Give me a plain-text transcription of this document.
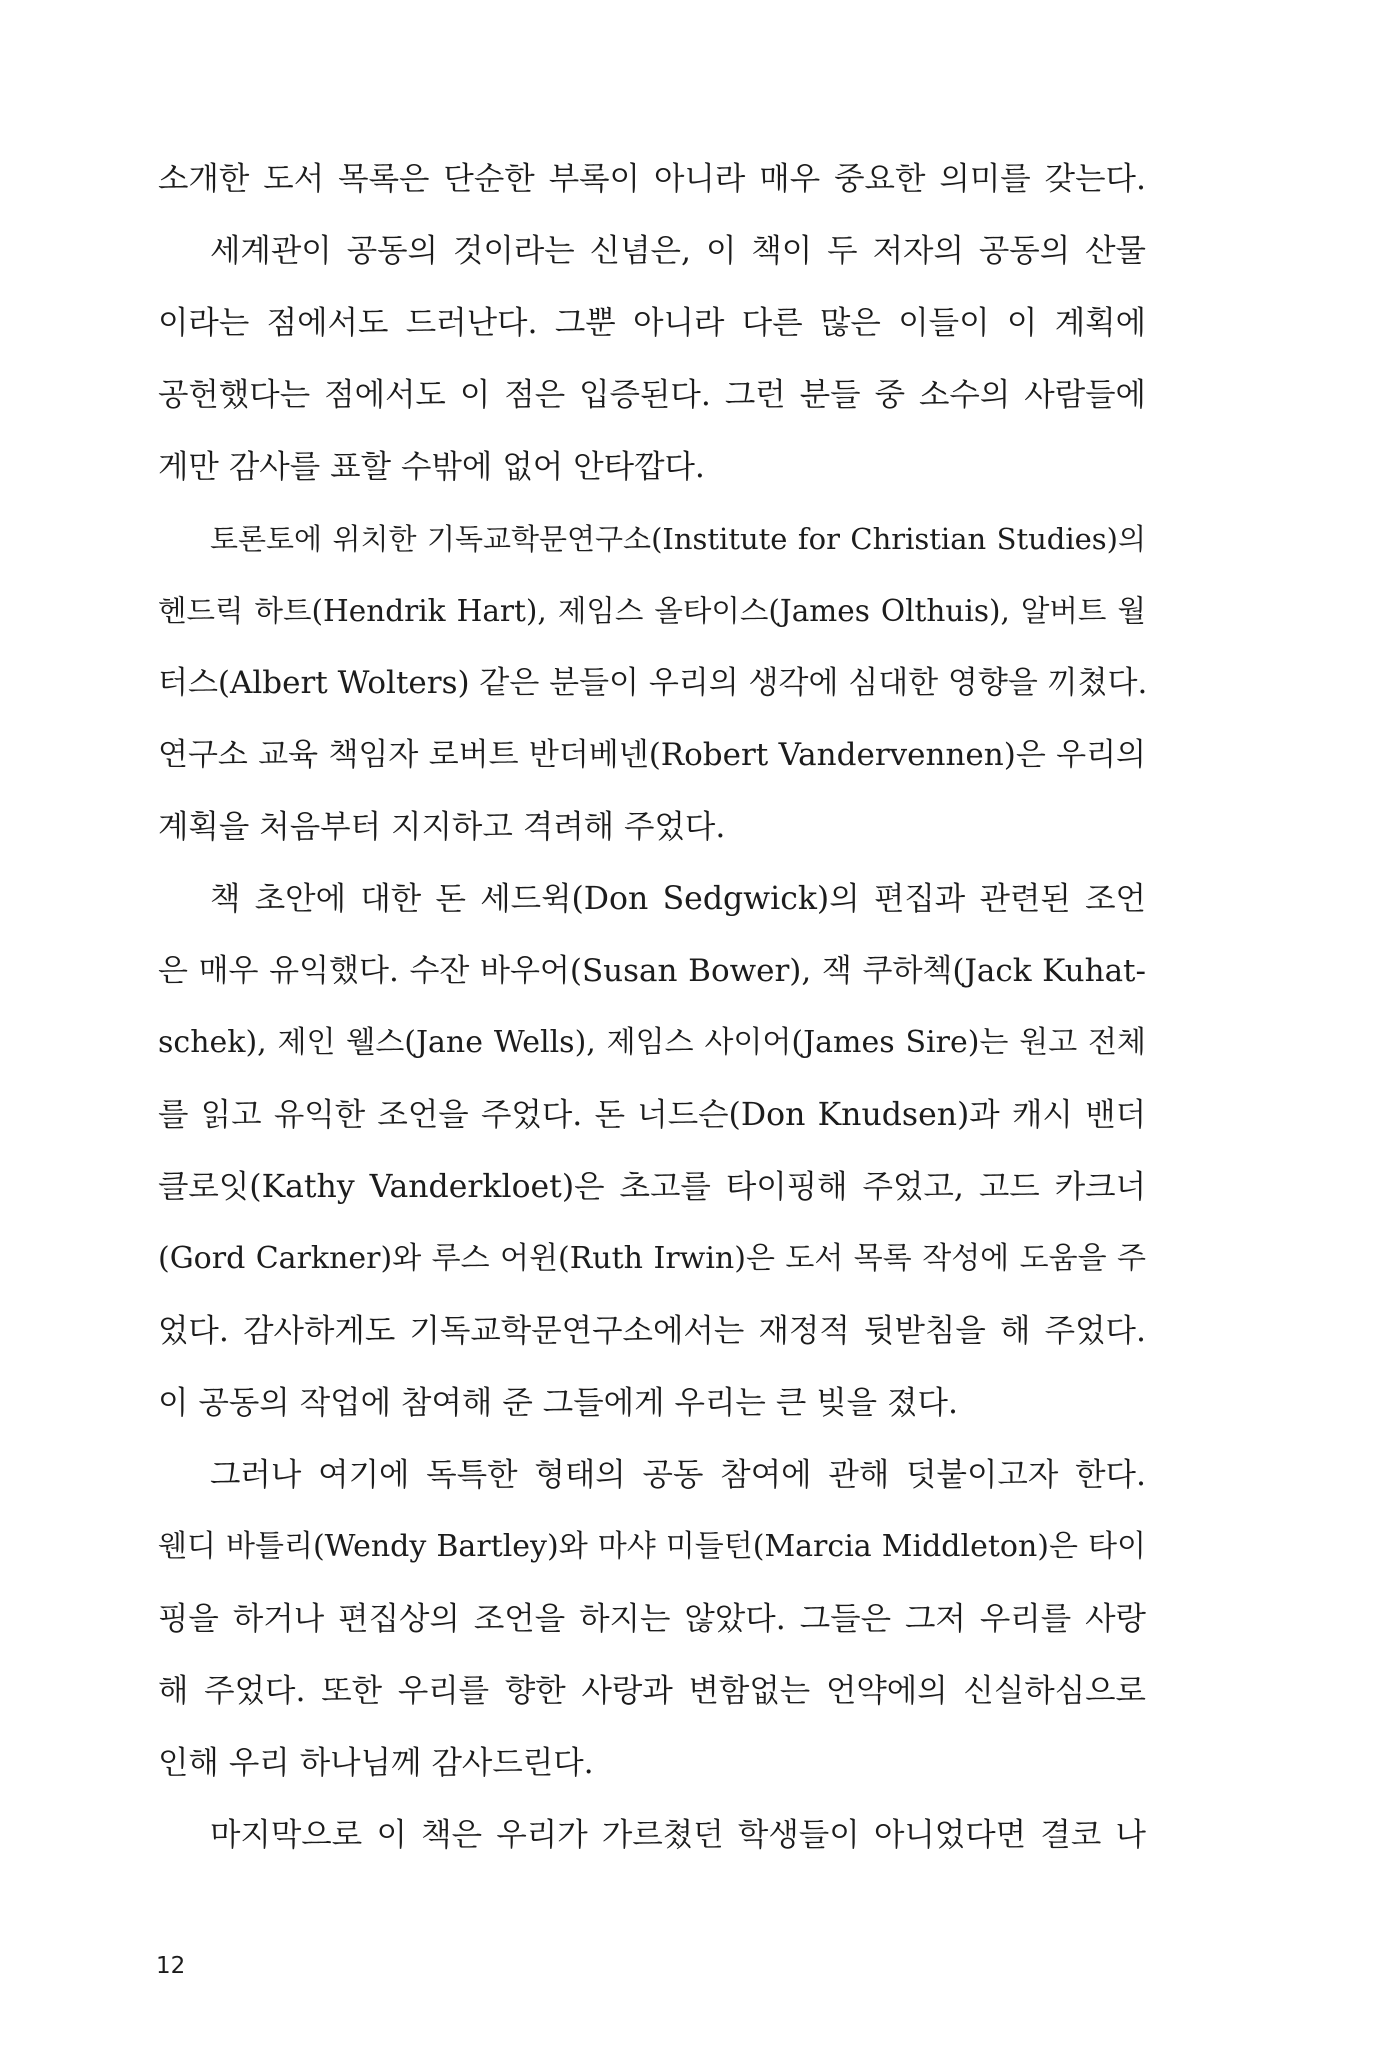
소개한 도서 목록은 단순한 부록이 아니라 매우 중요한 의미를 갖는다.
세계관이 공동의 것이라는 신념은, 이 책이 두 저자의 공동의 산물
이라는 점에서도 드러난다. 그뿐 아니라 다른 많은 이들이 이 계획에
공헌했다는 점에서도 이 점은 입증된다. 그런 분들 중 소수의 사람들에
게만 감사를 표할 수밖에 없어 안타깝다.
토론토에 위치한 기독교학문연구소(Institute for Christian Studies)의
헨드릭 하트(Hendrik Hart), 제임스 올타이스(James Olthuis), 알버트 월
터스(Albert Wolters) 같은 분들이 우리의 생각에 심대한 영향을 끼쳤다.
연구소 교육 책임자 로버트 반더베넨(Robert Vandervennen)은 우리의
계획을 처음부터 지지하고 격려해 주었다.
책 초안에 대한 돈 세드윅(Don Sedgwick)의 편집과 관련된 조언
은 매우 유익했다. 수잔 바우어(Susan Bower), 잭 쿠하첵(Jack Kuhat-
schek), 제인 웰스(Jane Wells), 제임스 사이어(James Sire)는 원고 전체
를 읽고 유익한 조언을 주었다. 돈 너드슨(Don Knudsen)과 캐시 밴더
클로잇(Kathy Vanderkloet)은 초고를 타이핑해 주었고, 고드 카크너
(Gord Carkner)와 루스 어윈(Ruth Irwin)은 도서 목록 작성에 도움을 주
었다. 감사하게도 기독교학문연구소에서는 재정적 뒷받침을 해 주었다.
이 공동의 작업에 참여해 준 그들에게 우리는 큰 빚을 졌다.
그러나 여기에 독특한 형태의 공동 참여에 관해 덧붙이고자 한다.
웬디 바틀리(Wendy Bartley)와 마샤 미들턴(Marcia Middleton)은 타이
핑을 하거나 편집상의 조언을 하지는 않았다. 그들은 그저 우리를 사랑
해 주었다. 또한 우리를 향한 사랑과 변함없는 언약에의 신실하심으로
인해 우리 하나님께 감사드린다.
마지막으로 이 책은 우리가 가르쳤던 학생들이 아니었다면 결코 나
12
